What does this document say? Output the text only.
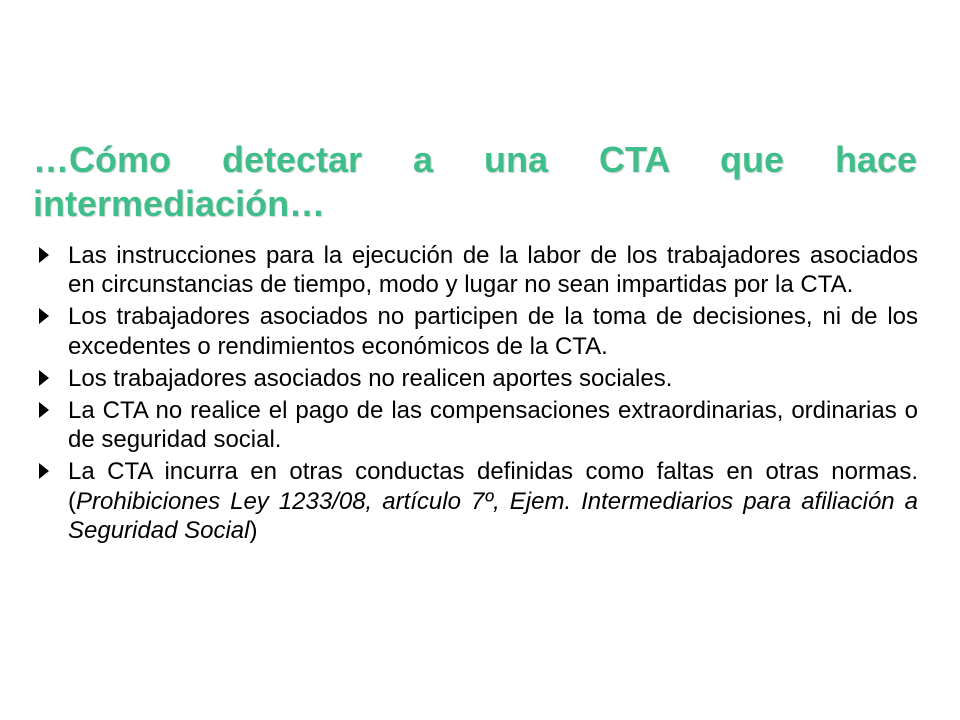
…Cómo detectar a una CTA que hace intermediación…
Las instrucciones para la ejecución de la labor de los trabajadores asociados en circunstancias de tiempo, modo y lugar no sean impartidas por la CTA.
Los trabajadores asociados no participen de la toma de decisiones, ni de los excedentes o rendimientos económicos de la CTA.
Los trabajadores asociados no realicen aportes sociales.
La CTA no realice el pago de las compensaciones extraordinarias, ordinarias o de seguridad social.
La CTA incurra en otras conductas definidas como faltas en otras normas. (Prohibiciones Ley 1233/08, artículo 7º, Ejem. Intermediarios para afiliación a Seguridad Social)
